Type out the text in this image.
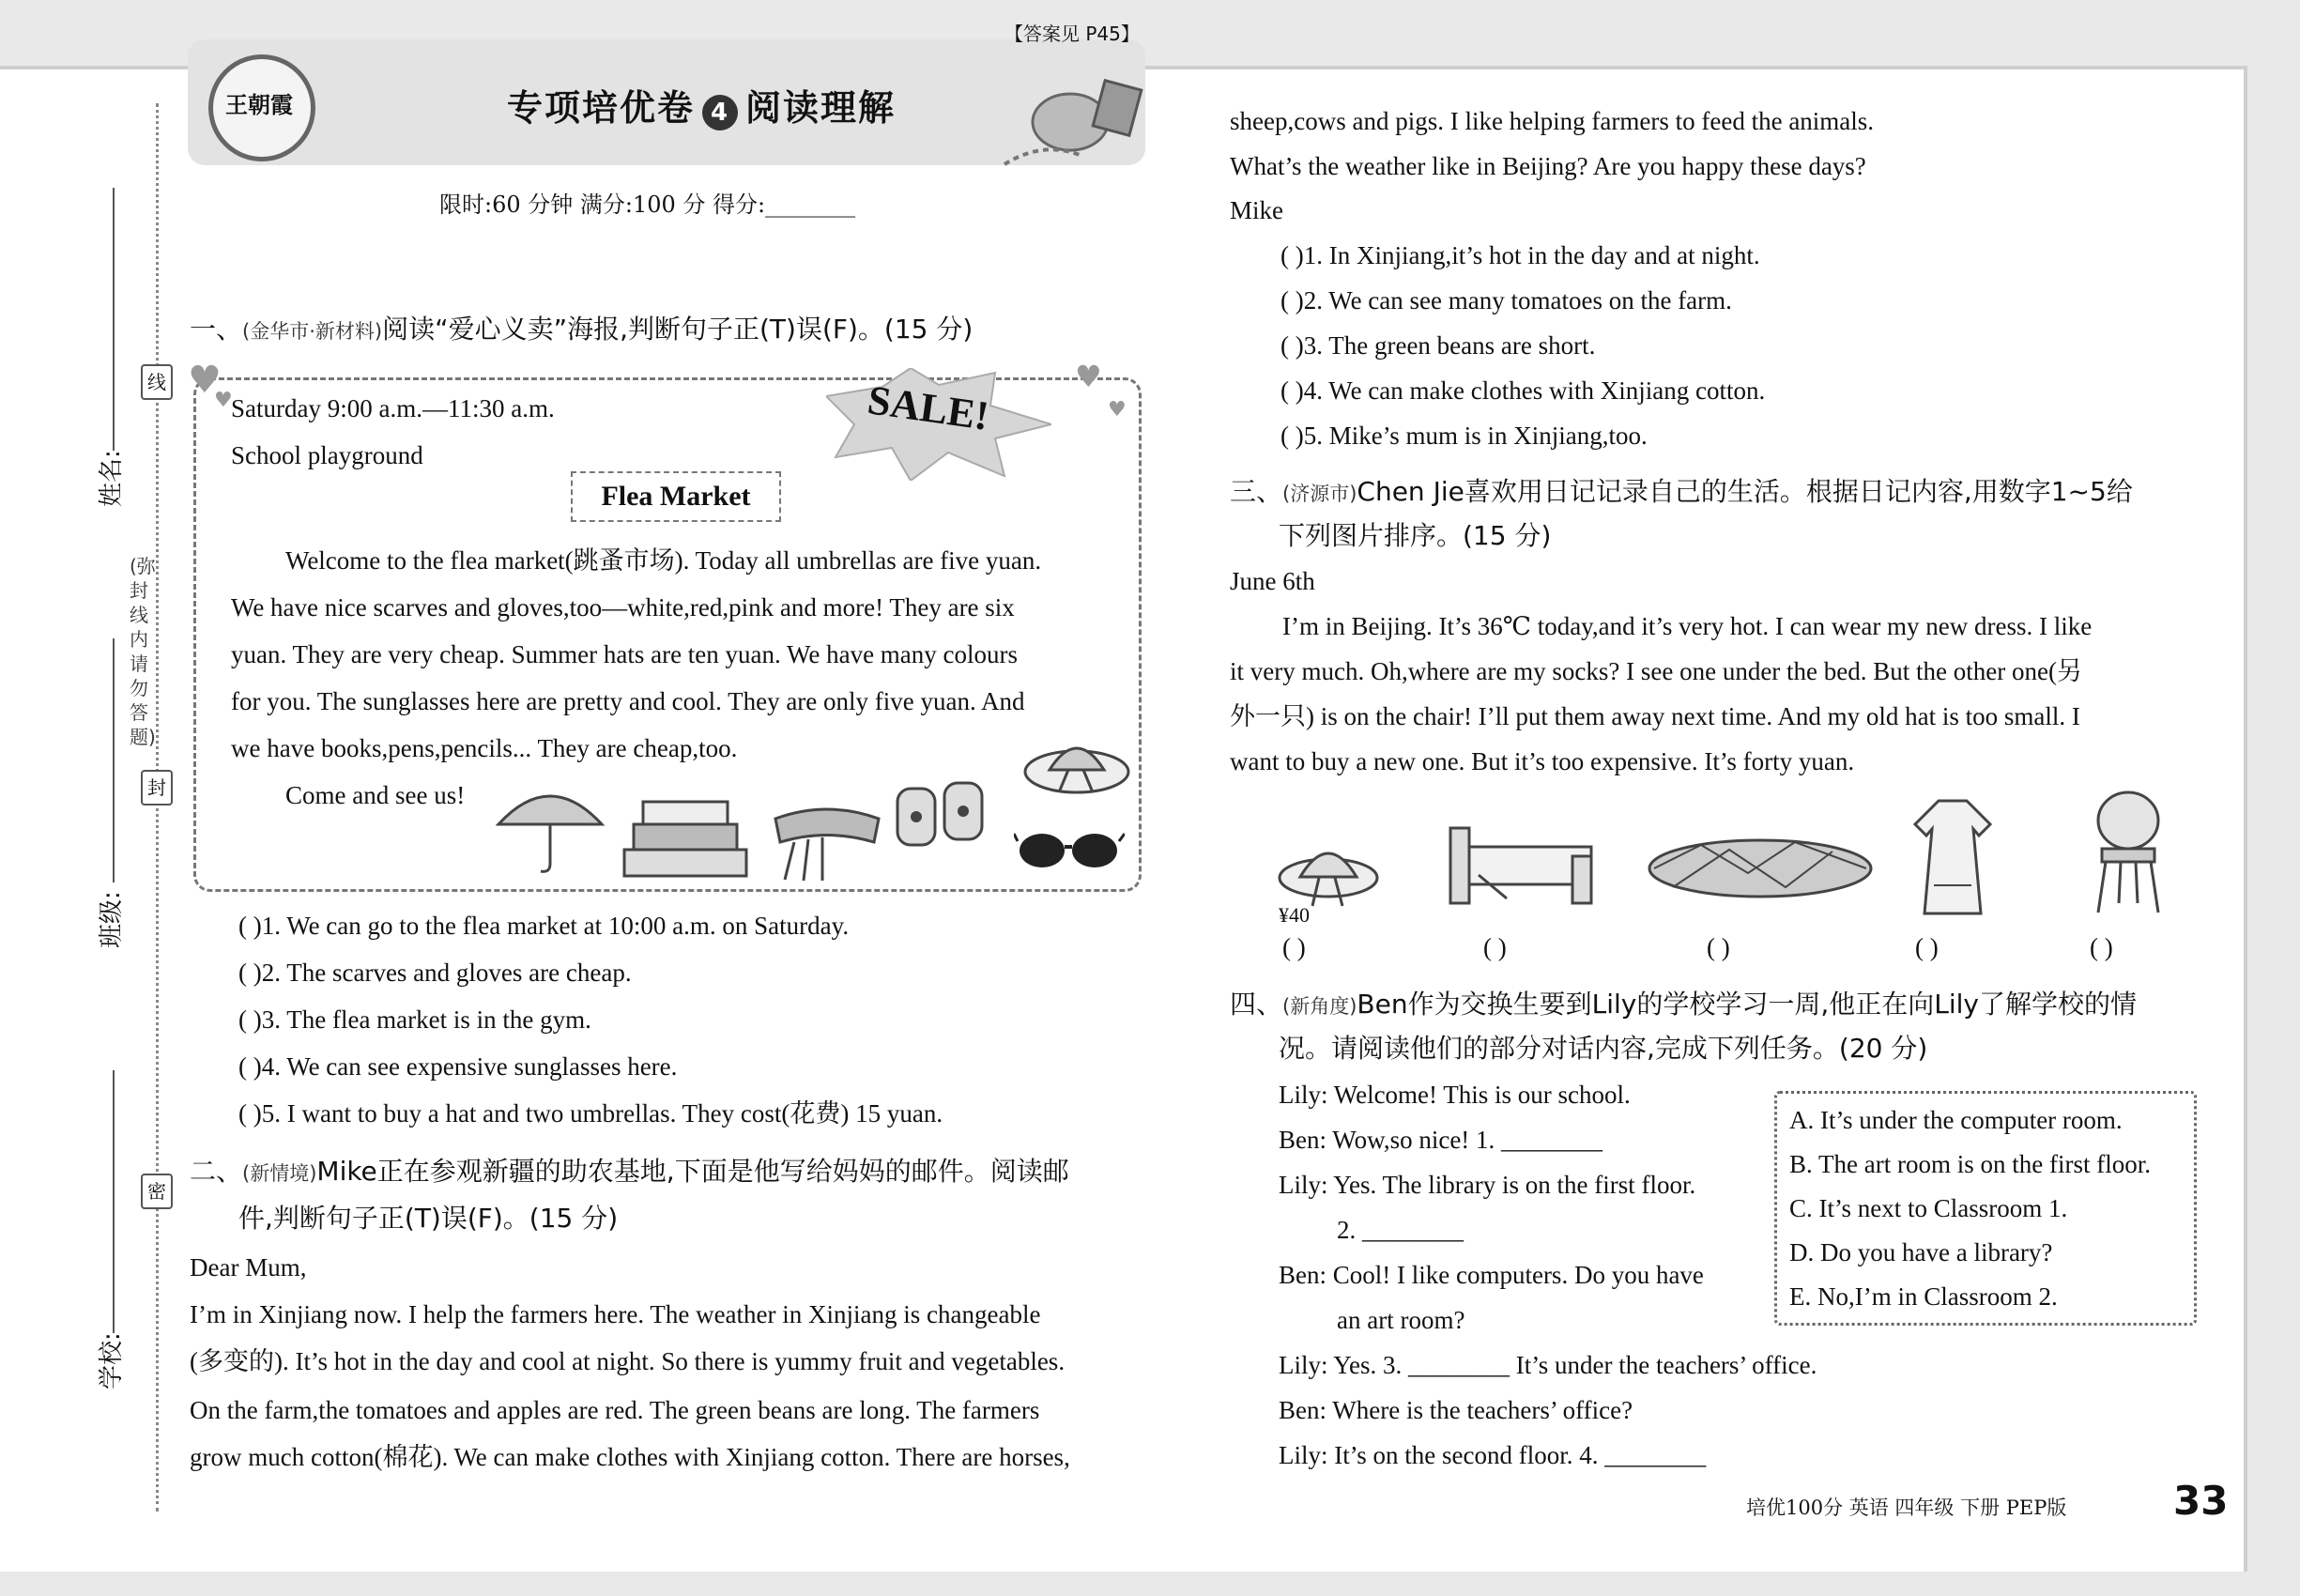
姓名:
班级:
学校:
线
封
密
(弥封线内请勿答题)
王朝霞
【答案见 P45】
专项培优卷 4 阅读理解
限时:60 分钟 满分:100 分 得分:________
一、(金华市·新材料)阅读“爱心义卖”海报,判断句子正(T)误(F)。(15 分)
♥
♥
♥
♥
SALE!
Saturday 9:00 a.m.—11:30 a.m.
School playground
Flea Market
Welcome to the flea market(跳蚤市场). Today all umbrellas are five yuan.
We have nice scarves and gloves,too—white,red,pink and more! They are six
yuan. They are very cheap. Summer hats are ten yuan. We have many colours
for you. The sunglasses here are pretty and cool. They are only five yuan. And
we have books,pens,pencils... They are cheap,too.
Come and see us!
( )1. We can go to the flea market at 10:00 a.m. on Saturday.
( )2. The scarves and gloves are cheap.
( )3. The flea market is in the gym.
( )4. We can see expensive sunglasses here.
( )5. I want to buy a hat and two umbrellas. They cost(花费) 15 yuan.
二、(新情境)Mike正在参观新疆的助农基地,下面是他写给妈妈的邮件。阅读邮
件,判断句子正(T)误(F)。(15 分)
Dear Mum,
I’m in Xinjiang now. I help the farmers here. The weather in Xinjiang is changeable
(多变的). It’s hot in the day and cool at night. So there is yummy fruit and vegetables.
On the farm,the tomatoes and apples are red. The green beans are long. The farmers
grow much cotton(棉花). We can make clothes with Xinjiang cotton. There are horses,
sheep,cows and pigs. I like helping farmers to feed the animals.
What’s the weather like in Beijing? Are you happy these days?
Mike
( )1. In Xinjiang,it’s hot in the day and at night.
( )2. We can see many tomatoes on the farm.
( )3. The green beans are short.
( )4. We can make clothes with Xinjiang cotton.
( )5. Mike’s mum is in Xinjiang,too.
三、(济源市)Chen Jie喜欢用日记记录自己的生活。根据日记内容,用数字1~5给
下列图片排序。(15 分)
June 6th
I’m in Beijing. It’s 36℃ today,and it’s very hot. I can wear my new dress. I like
it very much. Oh,where are my socks? I see one under the bed. But the other one(另
外一只) is on the chair! I’ll put them away next time. And my old hat is too small. I
want to buy a new one. But it’s too expensive. It’s forty yuan.
¥40
( )	( )	( )	( )	( )
四、(新角度)Ben作为交换生要到Lily的学校学习一周,他正在向Lily了解学校的情
况。请阅读他们的部分对话内容,完成下列任务。(20 分)
Lily: Welcome! This is our school.
Ben: Wow,so nice! 1. ________
Lily: Yes. The library is on the first floor.
2. ________
Ben: Cool! I like computers. Do you have
an art room?
Lily: Yes. 3. ________ It’s under the teachers’ office.
Ben: Where is the teachers’ office?
Lily: It’s on the second floor. 4. ________
A. It’s under the computer room.
B. The art room is on the first floor.
C. It’s next to Classroom 1.
D. Do you have a library?
E. No,I’m in Classroom 2.
培优100分 英语 四年级 下册 PEP版	33
